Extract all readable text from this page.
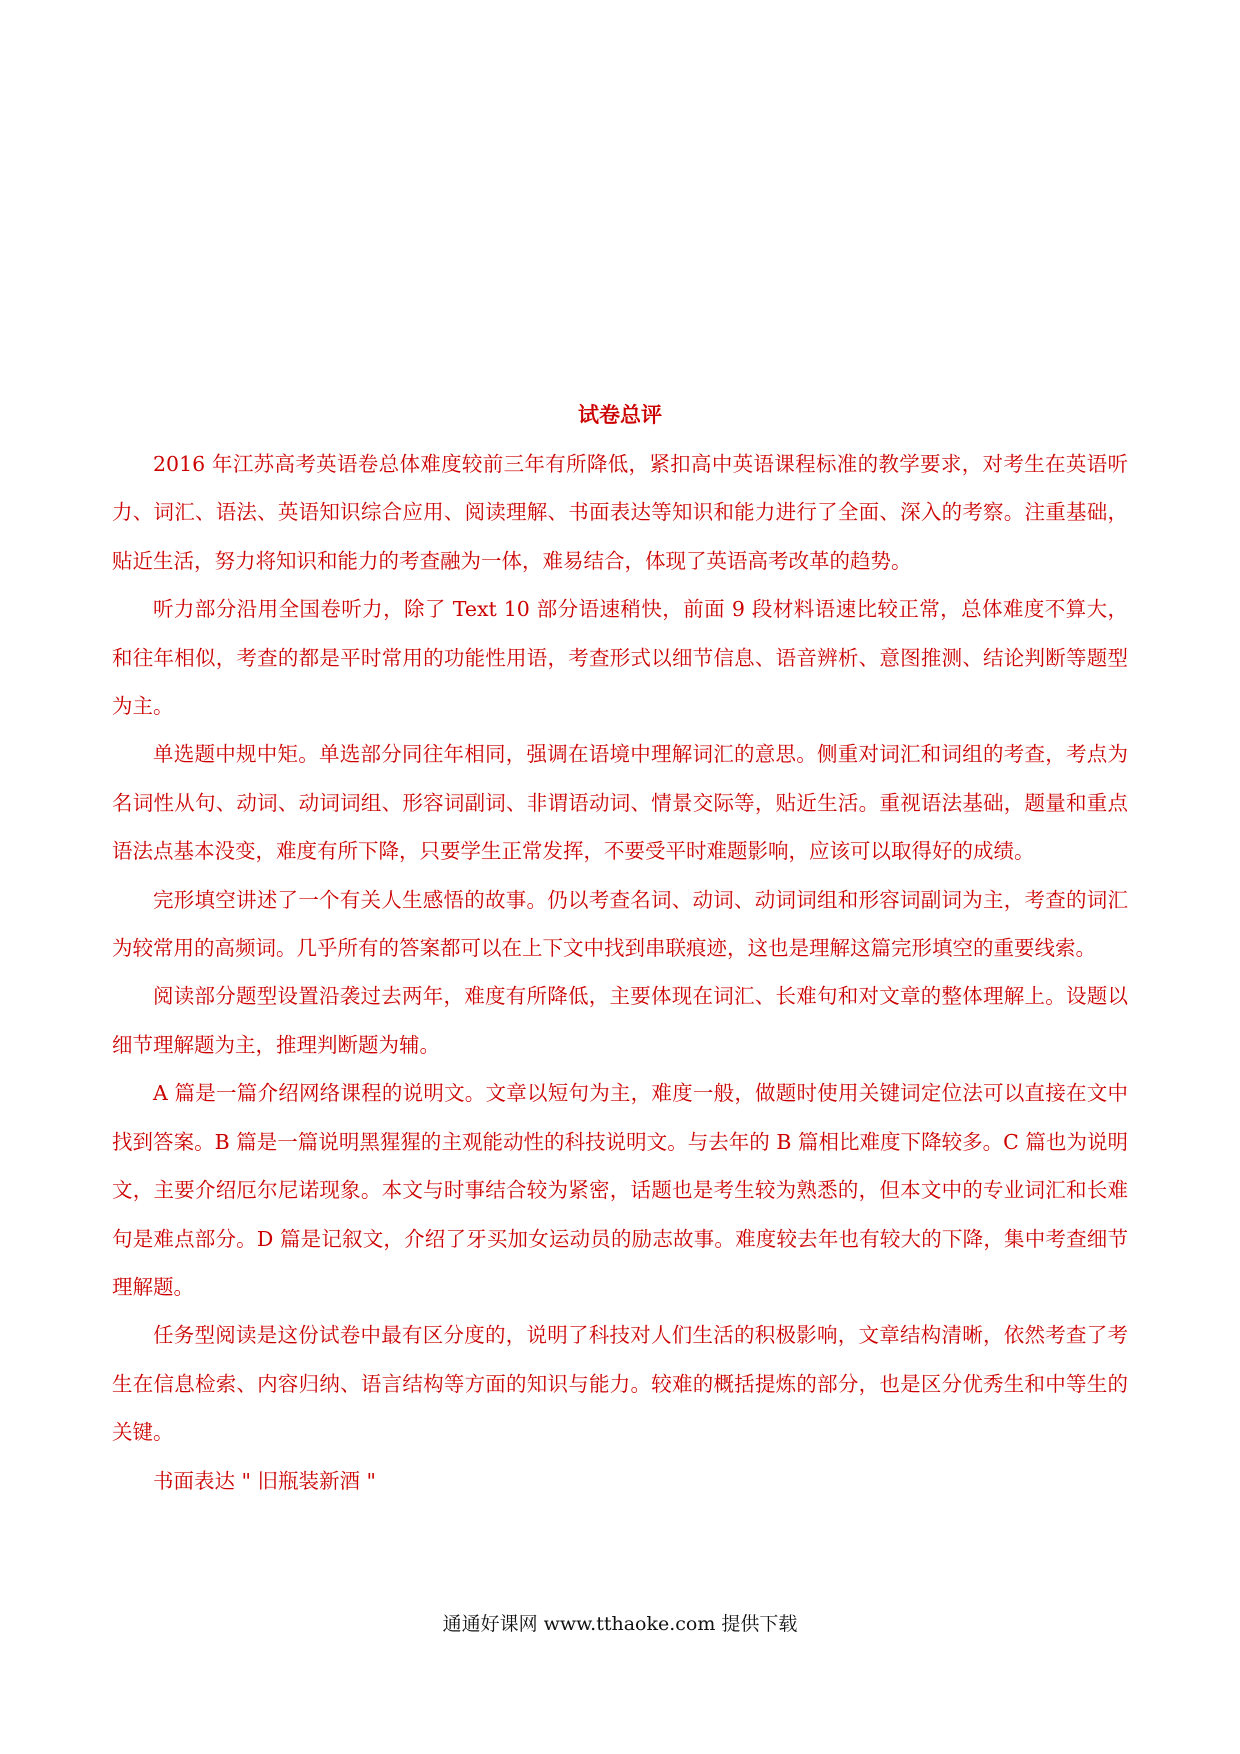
试卷总评

2016 年江苏高考英语卷总体难度较前三年有所降低，紧扣高中英语课程标准的教学要求，对考生在英语听力、词汇、语法、英语知识综合应用、阅读理解、书面表达等知识和能力进行了全面、深入的考察。注重基础，贴近生活，努力将知识和能力的考查融为一体，难易结合，体现了英语高考改革的趋势。

听力部分沿用全国卷听力，除了 Text 10 部分语速稍快，前面 9 段材料语速比较正常，总体难度不算大，和往年相似，考查的都是平时常用的功能性用语，考查形式以细节信息、语音辨析、意图推测、结论判断等题型为主。

单选题中规中矩。单选部分同往年相同，强调在语境中理解词汇的意思。侧重对词汇和词组的考查，考点为名词性从句、动词、动词词组、形容词副词、非谓语动词、情景交际等，贴近生活。重视语法基础，题量和重点语法点基本没变，难度有所下降，只要学生正常发挥，不要受平时难题影响，应该可以取得好的成绩。

完形填空讲述了一个有关人生感悟的故事。仍以考查名词、动词、动词词组和形容词副词为主，考查的词汇为较常用的高频词。几乎所有的答案都可以在上下文中找到串联痕迹，这也是理解这篇完形填空的重要线索。

阅读部分题型设置沿袭过去两年，难度有所降低，主要体现在词汇、长难句和对文章的整体理解上。设题以细节理解题为主，推理判断题为辅。

A 篇是一篇介绍网络课程的说明文。文章以短句为主，难度一般，做题时使用关键词定位法可以直接在文中找到答案。B 篇是一篇说明黑猩猩的主观能动性的科技说明文。与去年的 B 篇相比难度下降较多。C 篇也为说明文，主要介绍厄尔尼诺现象。本文与时事结合较为紧密，话题也是考生较为熟悉的，但本文中的专业词汇和长难句是难点部分。D 篇是记叙文，介绍了牙买加女运动员的励志故事。难度较去年也有较大的下降，集中考查细节理解题。

任务型阅读是这份试卷中最有区分度的，说明了科技对人们生活的积极影响，文章结构清晰，依然考查了考生在信息检索、内容归纳、语言结构等方面的知识与能力。较难的概括提炼的部分，也是区分优秀生和中等生的关键。

书面表达 " 旧瓶装新酒 "

通通好课网 www.tthaoke.com 提供下载
